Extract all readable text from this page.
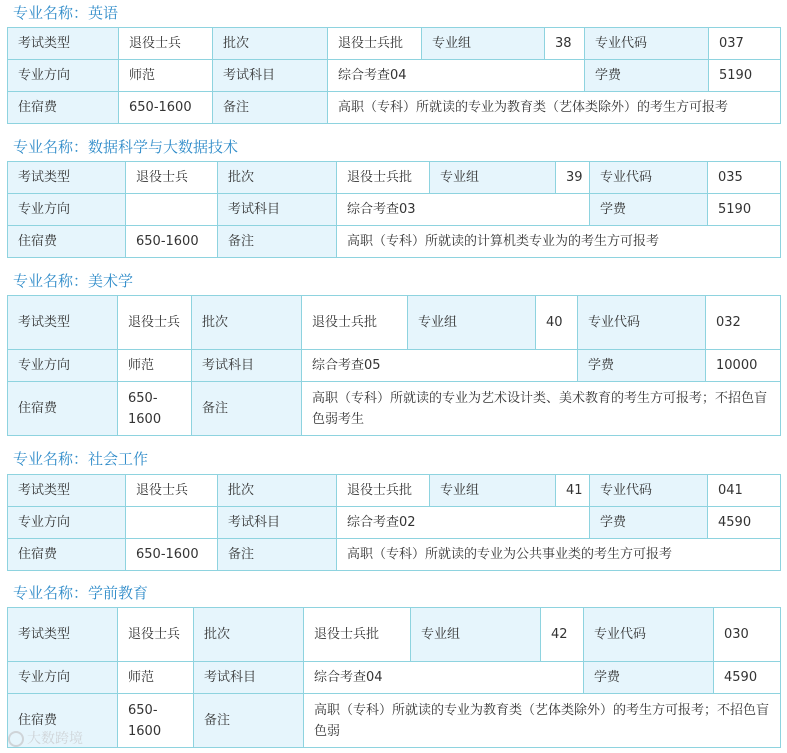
专业名称：英语
考试类型	退役士兵	批次	退役士兵批	专业组	38	专业代码	037
专业方向	师范	考试科目	综合考查04			学费	5190
住宿费	650-1600	备注	高职（专科）所就读的专业为教育类（艺体类除外）的考生方可报考				
专业名称：数据科学与大数据技术
考试类型	退役士兵	批次	退役士兵批	专业组	39	专业代码	035
专业方向		考试科目	综合考查03			学费	5190
住宿费	650-1600	备注	高职（专科）所就读的计算机类专业为的考生方可报考				
专业名称：美术学
考试类型	退役士兵	批次	退役士兵批	专业组	40	专业代码	032
专业方向	师范	考试科目	综合考查05			学费	10000
住宿费	650-1600	备注	高职（专科）所就读的专业为艺术设计类、美术教育的考生方可报考；不招色盲色弱考生				
专业名称：社会工作
考试类型	退役士兵	批次	退役士兵批	专业组	41	专业代码	041
专业方向		考试科目	综合考查02			学费	4590
住宿费	650-1600	备注	高职（专科）所就读的专业为公共事业类的考生方可报考				
专业名称：学前教育
考试类型	退役士兵	批次	退役士兵批	专业组	42	专业代码	030
专业方向	师范	考试科目	综合考查04			学费	4590
住宿费	650-1600	备注	高职（专科）所就读的专业为教育类（艺体类除外）的考生方可报考；不招色盲色弱				
大数跨境
